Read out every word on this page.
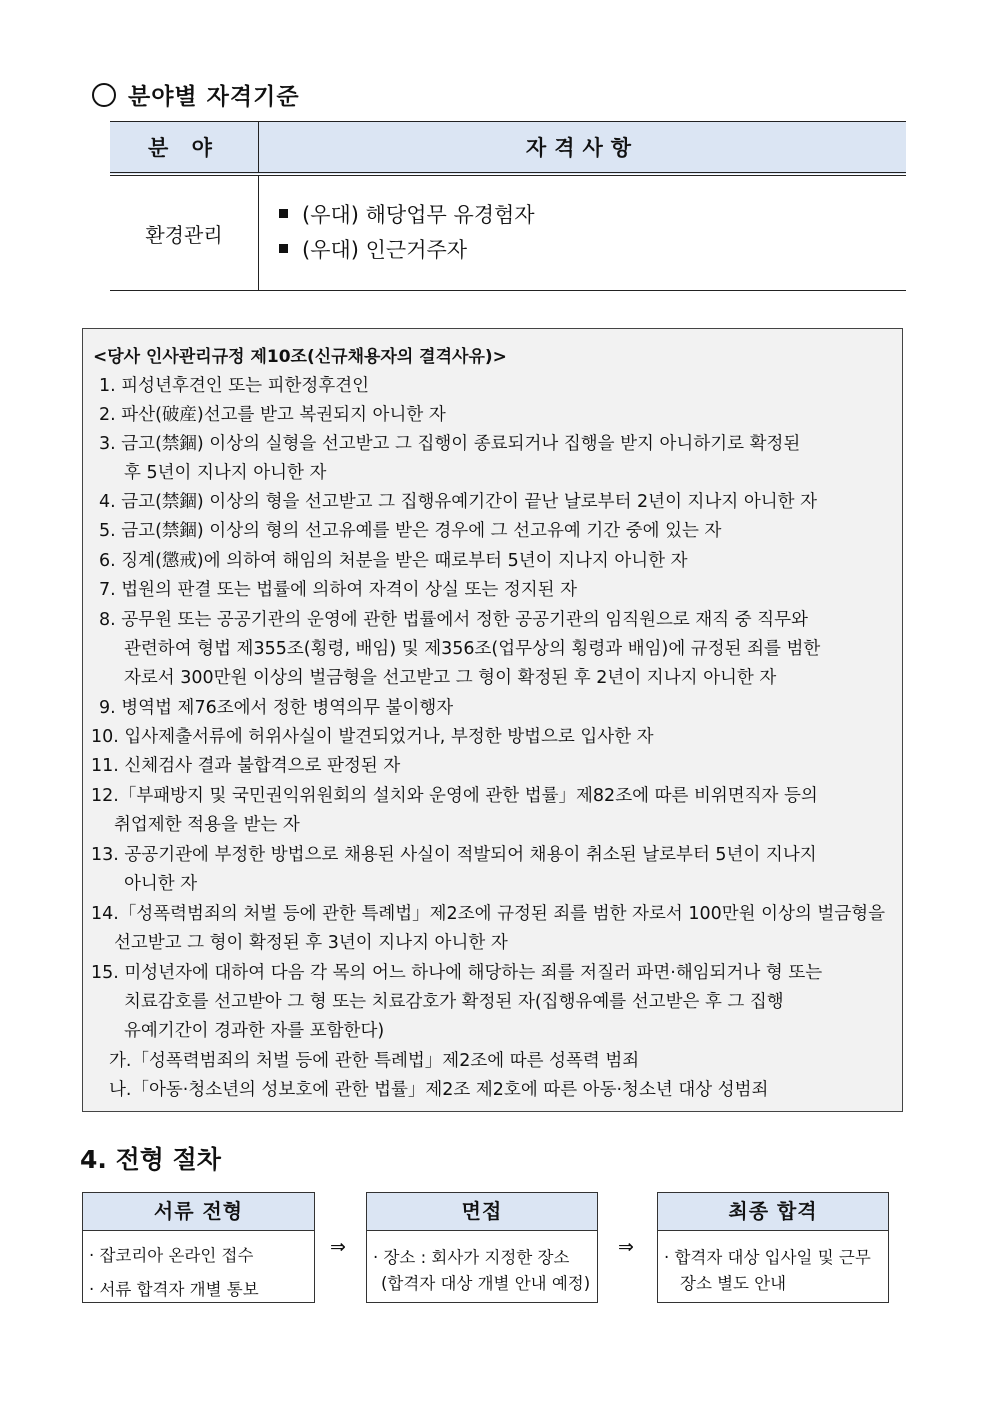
분야별 자격기준
분 야	자격사항
환경관리	(우대) 해당업무 유경험자
(우대) 인근거주자
<당사 인사관리규정 제10조(신규채용자의 결격사유)>
1. 피성년후견인 또는 피한정후견인
2. 파산(破産)선고를 받고 복권되지 아니한 자
3. 금고(禁錮) 이상의 실형을 선고받고 그 집행이 종료되거나 집행을 받지 아니하기로 확정된
후 5년이 지나지 아니한 자
4. 금고(禁錮) 이상의 형을 선고받고 그 집행유예기간이 끝난 날로부터 2년이 지나지 아니한 자
5. 금고(禁錮) 이상의 형의 선고유예를 받은 경우에 그 선고유예 기간 중에 있는 자
6. 징계(懲戒)에 의하여 해임의 처분을 받은 때로부터 5년이 지나지 아니한 자
7. 법원의 판결 또는 법률에 의하여 자격이 상실 또는 정지된 자
8. 공무원 또는 공공기관의 운영에 관한 법률에서 정한 공공기관의 임직원으로 재직 중 직무와
관련하여 형법 제355조(횡령, 배임) 및 제356조(업무상의 횡령과 배임)에 규정된 죄를 범한
자로서 300만원 이상의 벌금형을 선고받고 그 형이 확정된 후 2년이 지나지 아니한 자
9. 병역법 제76조에서 정한 병역의무 불이행자
10. 입사제출서류에 허위사실이 발견되었거나, 부정한 방법으로 입사한 자
11. 신체검사 결과 불합격으로 판정된 자
12.「부패방지 및 국민권익위원회의 설치와 운영에 관한 법률」제82조에 따른 비위면직자 등의
취업제한 적용을 받는 자
13. 공공기관에 부정한 방법으로 채용된 사실이 적발되어 채용이 취소된 날로부터 5년이 지나지
아니한 자
14.「성폭력범죄의 처벌 등에 관한 특례법」제2조에 규정된 죄를 범한 자로서 100만원 이상의 벌금형을
선고받고 그 형이 확정된 후 3년이 지나지 아니한 자
15. 미성년자에 대하여 다음 각 목의 어느 하나에 해당하는 죄를 저질러 파면·해임되거나 형 또는
치료감호를 선고받아 그 형 또는 치료감호가 확정된 자(집행유예를 선고받은 후 그 집행
유예기간이 경과한 자를 포함한다)
가.「성폭력범죄의 처벌 등에 관한 특례법」제2조에 따른 성폭력 범죄
나.「아동·청소년의 성보호에 관한 법률」제2조 제2호에 따른 아동·청소년 대상 성범죄
4. 전형 절차
서류 전형
· 잡코리아 온라인 접수
· 서류 합격자 개별 통보
⇒
면접
· 장소 : 회사가 지정한 장소
(합격자 대상 개별 안내 예정)
⇒
최종 합격
· 합격자 대상 입사일 및 근무
장소 별도 안내
